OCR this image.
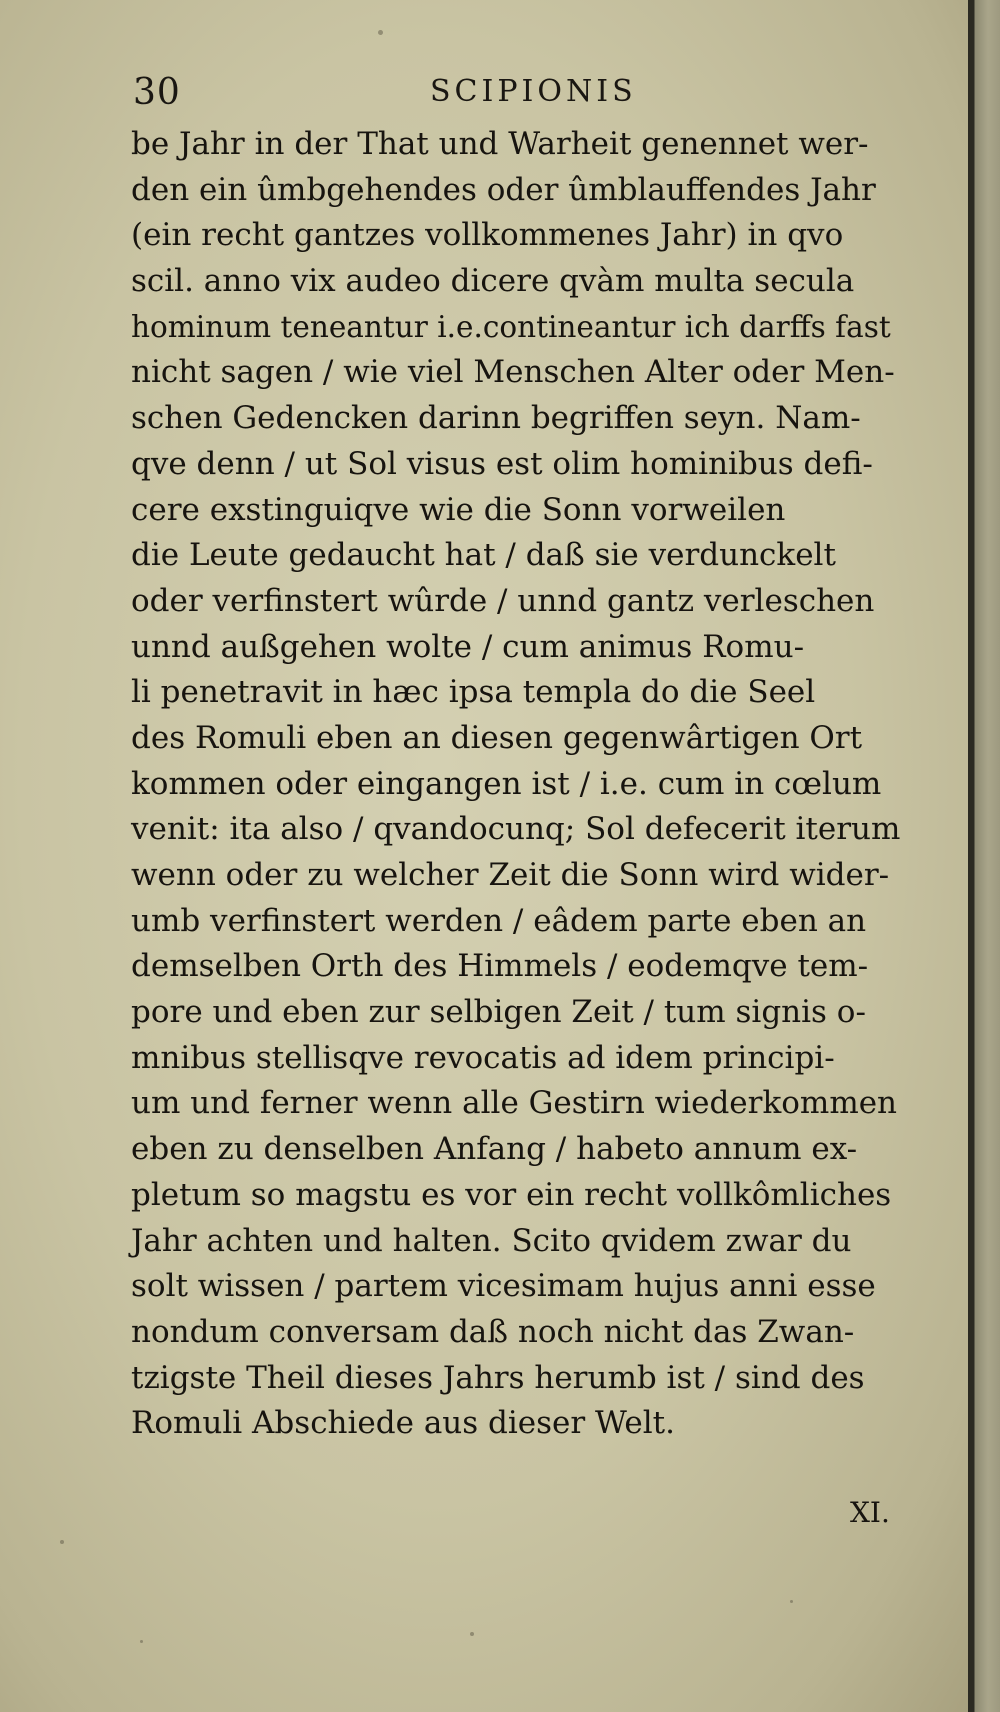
30	SCIPIONIS
be Jahr in der That und Warheit genennet wer-
den ein ûmbgehendes oder ûmblauffendes Jahr
(ein recht gantzes vollkommenes Jahr) in qvo
scil. anno vix audeo dicere qvàm multa secula
hominum teneantur i.e.contineantur ich darffs fast
nicht sagen / wie viel Menschen Alter oder Men-
schen Gedencken darinn begriffen seyn. Nam-
qve denn / ut Sol visus est olim hominibus defi-
cere exstinguiqve wie die Sonn vorweilen
die Leute gedaucht hat / daß sie verdunckelt
oder verfinstert wûrde / unnd gantz verleschen
unnd außgehen wolte / cum animus Romu-
li penetravit in hæc ipsa templa do die Seel
des Romuli eben an diesen gegenwârtigen Ort
kommen oder eingangen ist / i.e. cum in cœlum
venit: ita also / qvandocunq; Sol defecerit iterum
wenn oder zu welcher Zeit die Sonn wird wider-
umb verfinstert werden / eâdem parte eben an
demselben Orth des Himmels / eodemqve tem-
pore und eben zur selbigen Zeit / tum signis o-
mnibus stellisqve revocatis ad idem principi-
um und ferner wenn alle Gestirn wiederkommen
eben zu denselben Anfang / habeto annum ex-
pletum so magstu es vor ein recht vollkômliches
Jahr achten und halten. Scito qvidem zwar du
solt wissen / partem vicesimam hujus anni esse
nondum conversam daß noch nicht das Zwan-
tzigste Theil dieses Jahrs herumb ist / sind des
Romuli Abschiede aus dieser Welt.
XI.
